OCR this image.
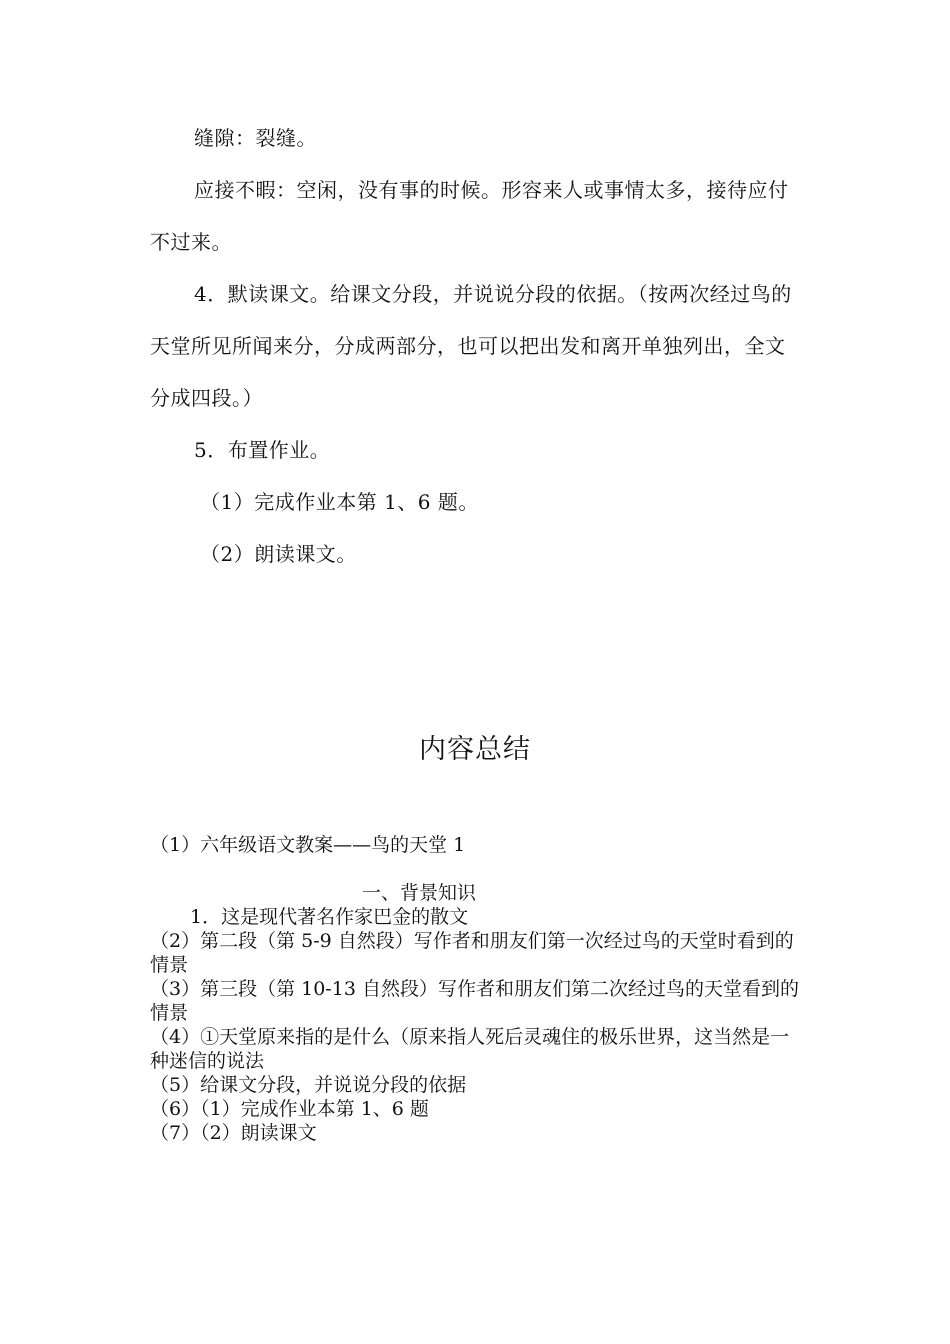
缝隙：裂缝。

应接不暇：空闲，没有事的时候。形容来人或事情太多，接待应付不过来。

4．默读课文。给课文分段，并说说分段的依据。（按两次经过鸟的天堂所见所闻来分，分成两部分，也可以把出发和离开单独列出，全文分成四段。）

5．布置作业。

（1）完成作业本第 1、6 题。

（2）朗读课文。

内容总结

（1）六年级语文教案——鸟的天堂 1

一、背景知识

1．这是现代著名作家巴金的散文

（2）第二段（第 5-9 自然段）写作者和朋友们第一次经过鸟的天堂时看到的情景

（3）第三段（第 10-13 自然段）写作者和朋友们第二次经过鸟的天堂看到的情景

（4）①天堂原来指的是什么（原来指人死后灵魂住的极乐世界，这当然是一种迷信的说法

（5）给课文分段，并说说分段的依据

（6）（1）完成作业本第 1、6 题

（7）（2）朗读课文
